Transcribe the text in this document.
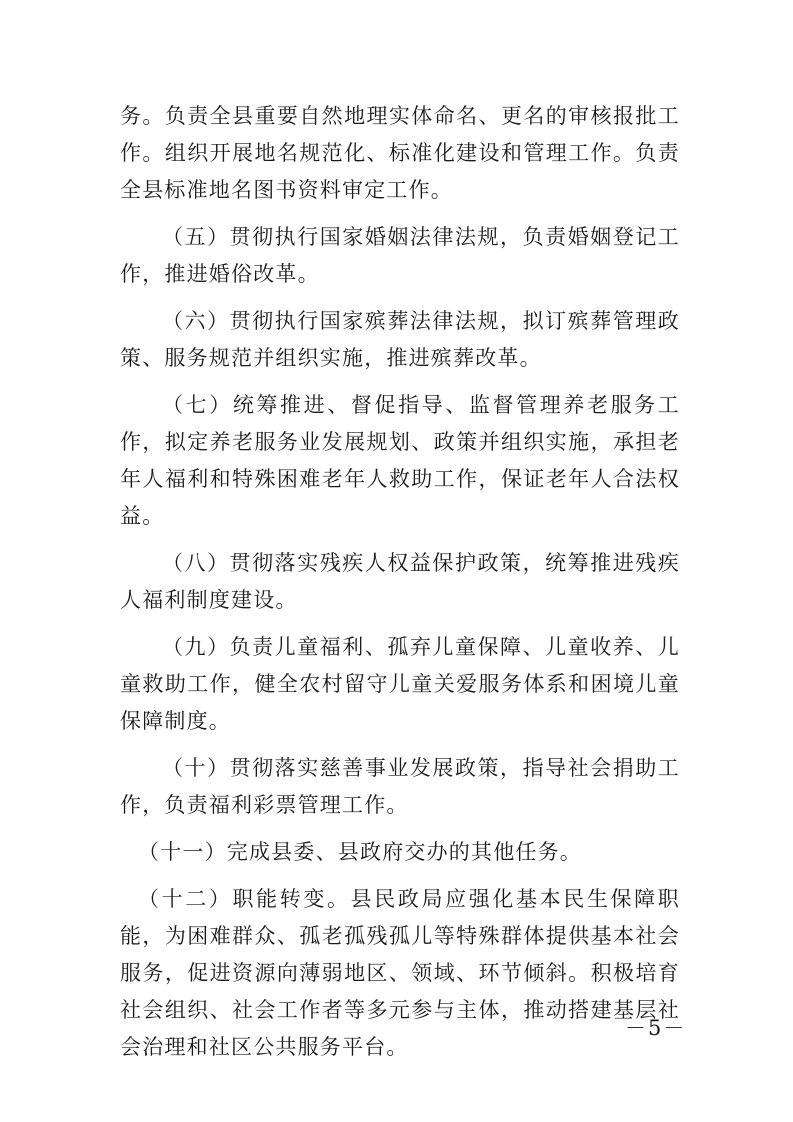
务。负责全县重要自然地理实体命名、更名的审核报批工作。组织开展地名规范化、标准化建设和管理工作。负责全县标准地名图书资料审定工作。

（五）贯彻执行国家婚姻法律法规，负责婚姻登记工作，推进婚俗改革。

（六）贯彻执行国家殡葬法律法规，拟订殡葬管理政策、服务规范并组织实施，推进殡葬改革。

（七）统筹推进、督促指导、监督管理养老服务工作，拟定养老服务业发展规划、政策并组织实施，承担老年人福利和特殊困难老年人救助工作，保证老年人合法权益。

（八）贯彻落实残疾人权益保护政策，统筹推进残疾人福利制度建设。

（九）负责儿童福利、孤弃儿童保障、儿童收养、儿童救助工作，健全农村留守儿童关爱服务体系和困境儿童保障制度。

（十）贯彻落实慈善事业发展政策，指导社会捐助工作，负责福利彩票管理工作。

（十一）完成县委、县政府交办的其他任务。

（十二）职能转变。县民政局应强化基本民生保障职能，为困难群众、孤老孤残孤儿等特殊群体提供基本社会服务，促进资源向薄弱地区、领域、环节倾斜。积极培育社会组织、社会工作者等多元参与主体，推动搭建基层社会治理和社区公共服务平台。

－5－
